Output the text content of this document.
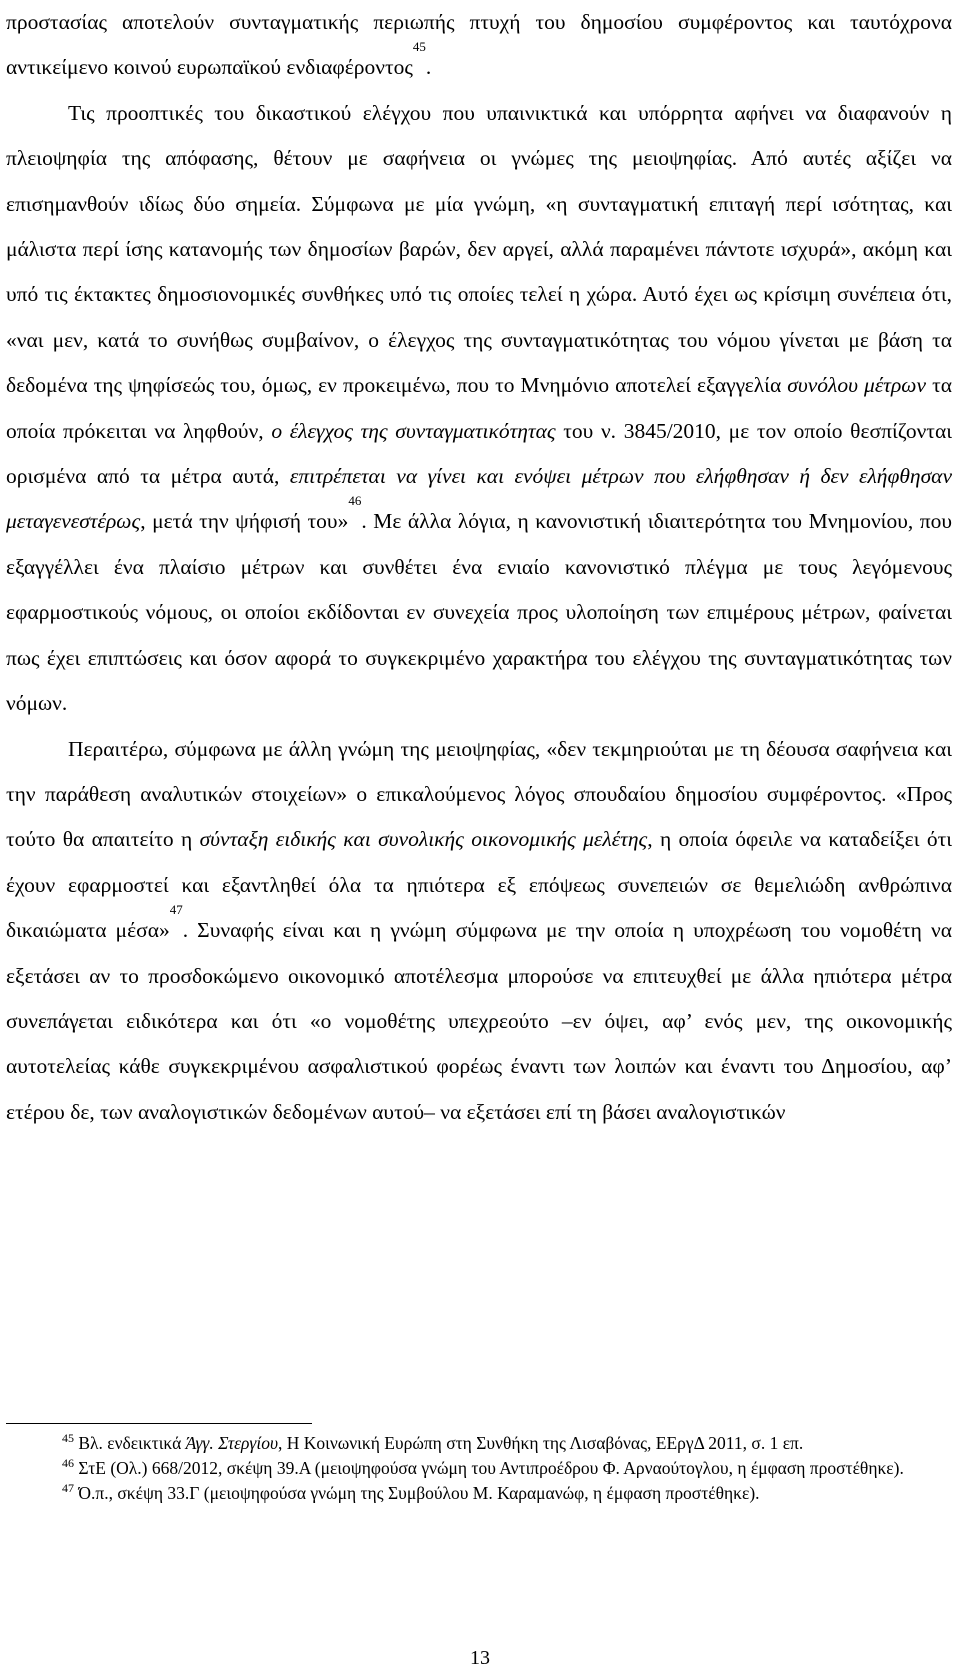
προστασίας αποτελούν συνταγματικής περιωπής πτυχή του δημοσίου συμφέροντος και ταυτόχρονα αντικείμενο κοινού ευρωπαϊκού ενδιαφέροντος$^{45}$.

Τις προοπτικές του δικαστικού ελέγχου που υπαινικτικά και υπόρρητα αφήνει να διαφανούν η πλειοψηφία της απόφασης, θέτουν με σαφήνεια οι γνώμες της μειοψηφίας. Από αυτές αξίζει να επισημανθούν ιδίως δύο σημεία. Σύμφωνα με μία γνώμη, «η συνταγματική επιταγή περί ισότητας, και μάλιστα περί ίσης κατανομής των δημοσίων βαρών, δεν αργεί, αλλά παραμένει πάντοτε ισχυρά», ακόμη και υπό τις έκτακτες δημοσιονομικές συνθήκες υπό τις οποίες τελεί η χώρα. Αυτό έχει ως κρίσιμη συνέπεια ότι, «ναι μεν, κατά το συνήθως συμβαίνον, ο έλεγχος της συνταγματικότητας του νόμου γίνεται με βάση τα δεδομένα της ψηφίσεώς του, όμως, εν προκειμένω, που το Μνημόνιο αποτελεί εξαγγελία συνόλου μέτρων τα οποία πρόκειται να ληφθούν, ο έλεγχος της συνταγματικότητας του ν. 3845/2010, με τον οποίο θεσπίζονται ορισμένα από τα μέτρα αυτά, επιτρέπεται να γίνει και ενόψει μέτρων που ελήφθησαν ή δεν ελήφθησαν μεταγενεστέρως, μετά την ψήφισή του»$^{46}$. Με άλλα λόγια, η κανονιστική ιδιαιτερότητα του Μνημονίου, που εξαγγέλλει ένα πλαίσιο μέτρων και συνθέτει ένα ενιαίο κανονιστικό πλέγμα με τους λεγόμενους εφαρμοστικούς νόμους, οι οποίοι εκδίδονται εν συνεχεία προς υλοποίηση των επιμέρους μέτρων, φαίνεται πως έχει επιπτώσεις και όσον αφορά το συγκεκριμένο χαρακτήρα του ελέγχου της συνταγματικότητας των νόμων.

Περαιτέρω, σύμφωνα με άλλη γνώμη της μειοψηφίας, «δεν τεκμηριούται με τη δέουσα σαφήνεια και την παράθεση αναλυτικών στοιχείων» ο επικαλούμενος λόγος σπουδαίου δημοσίου συμφέροντος. «Προς τούτο θα απαιτείτο η σύνταξη ειδικής και συνολικής οικονομικής μελέτης, η οποία όφειλε να καταδείξει ότι έχουν εφαρμοστεί και εξαντληθεί όλα τα ηπιότερα εξ επόψεως συνεπειών σε θεμελιώδη ανθρώπινα δικαιώματα μέσα»$^{47}$. Συναφής είναι και η γνώμη σύμφωνα με την οποία η υποχρέωση του νομοθέτη να εξετάσει αν το προσδοκώμενο οικονομικό αποτέλεσμα μπορούσε να επιτευχθεί με άλλα ηπιότερα μέτρα συνεπάγεται ειδικότερα και ότι «ο νομοθέτης υπεχρεούτο –εν όψει, αφ’ ενός μεν, της οικονομικής αυτοτελείας κάθε συγκεκριμένου ασφαλιστικού φορέως έναντι των λοιπών και έναντι του Δημοσίου, αφ’ ετέρου δε, των αναλογιστικών δεδομένων αυτού– να εξετάσει επί τη βάσει αναλογιστικών

$^{45}$ Βλ. ενδεικτικά Άγγ. Στεργίου, Η Κοινωνική Ευρώπη στη Συνθήκη της Λισαβόνας, ΕΕργΔ 2011, σ. 1 επ.

$^{46}$ ΣτΕ (Ολ.) 668/2012, σκέψη 39.Α (μειοψηφούσα γνώμη του Αντιπροέδρου Φ. Αρναούτογλου, η έμφαση προστέθηκε).

$^{47}$ Ό.π., σκέψη 33.Γ (μειοψηφούσα γνώμη της Συμβούλου Μ. Καραμανώφ, η έμφαση προστέθηκε).

13
